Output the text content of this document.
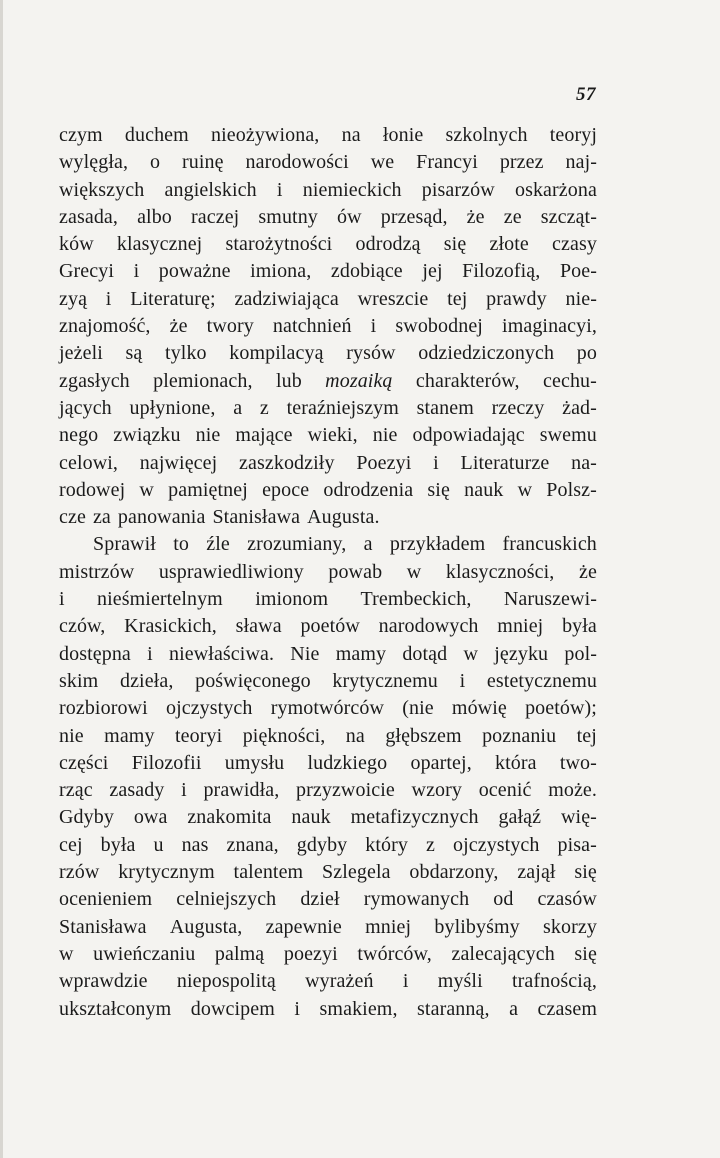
57
czym duchem nieożywiona, na łonie szkolnych teoryj
wylęgła, o ruinę narodowości we Francyi przez naj-
większych angielskich i niemieckich pisarzów oskarżona
zasada, albo raczej smutny ów przesąd, że ze szcząt-
ków klasycznej starożytności odrodzą się złote czasy
Grecyi i poważne imiona, zdobiące jej Filozofią, Poe-
zyą i Literaturę; zadziwiająca wreszcie tej prawdy nie-
znajomość, że twory natchnień i swobodnej imaginacyi,
jeżeli są tylko kompilacyą rysów odziedziczonych po
zgasłych plemionach, lub mozaiką charakterów, cechu-
jących upłynione, a z teraźniejszym stanem rzeczy żad-
nego związku nie mające wieki, nie odpowiadając swemu
celowi, najwięcej zaszkodziły Poezyi i Literaturze na-
rodowej w pamiętnej epoce odrodzenia się nauk w Polsz-
cze za panowania Stanisława Augusta.
Sprawił to źle zrozumiany, a przykładem francuskich
mistrzów usprawiedliwiony powab w klasyczności, że
i nieśmiertelnym imionom Trembeckich, Naruszewi-
czów, Krasickich, sława poetów narodowych mniej była
dostępna i niewłaściwa. Nie mamy dotąd w języku pol-
skim dzieła, poświęconego krytycznemu i estetycznemu
rozbiorowi ojczystych rymotwórców (nie mówię poetów);
nie mamy teoryi piękności, na głębszem poznaniu tej
części Filozofii umysłu ludzkiego opartej, która two-
rząc zasady i prawidła, przyzwoicie wzory ocenić może.
Gdyby owa znakomita nauk metafizycznych gałąź wię-
cej była u nas znana, gdyby który z ojczystych pisa-
rzów krytycznym talentem Szlegela obdarzony, zajął się
ocenieniem celniejszych dzieł rymowanych od czasów
Stanisława Augusta, zapewnie mniej bylibyśmy skorzy
w uwieńczaniu palmą poezyi twórców, zalecających się
wprawdzie niepospolitą wyrażeń i myśli trafnością,
ukształconym dowcipem i smakiem, staranną, a czasem
